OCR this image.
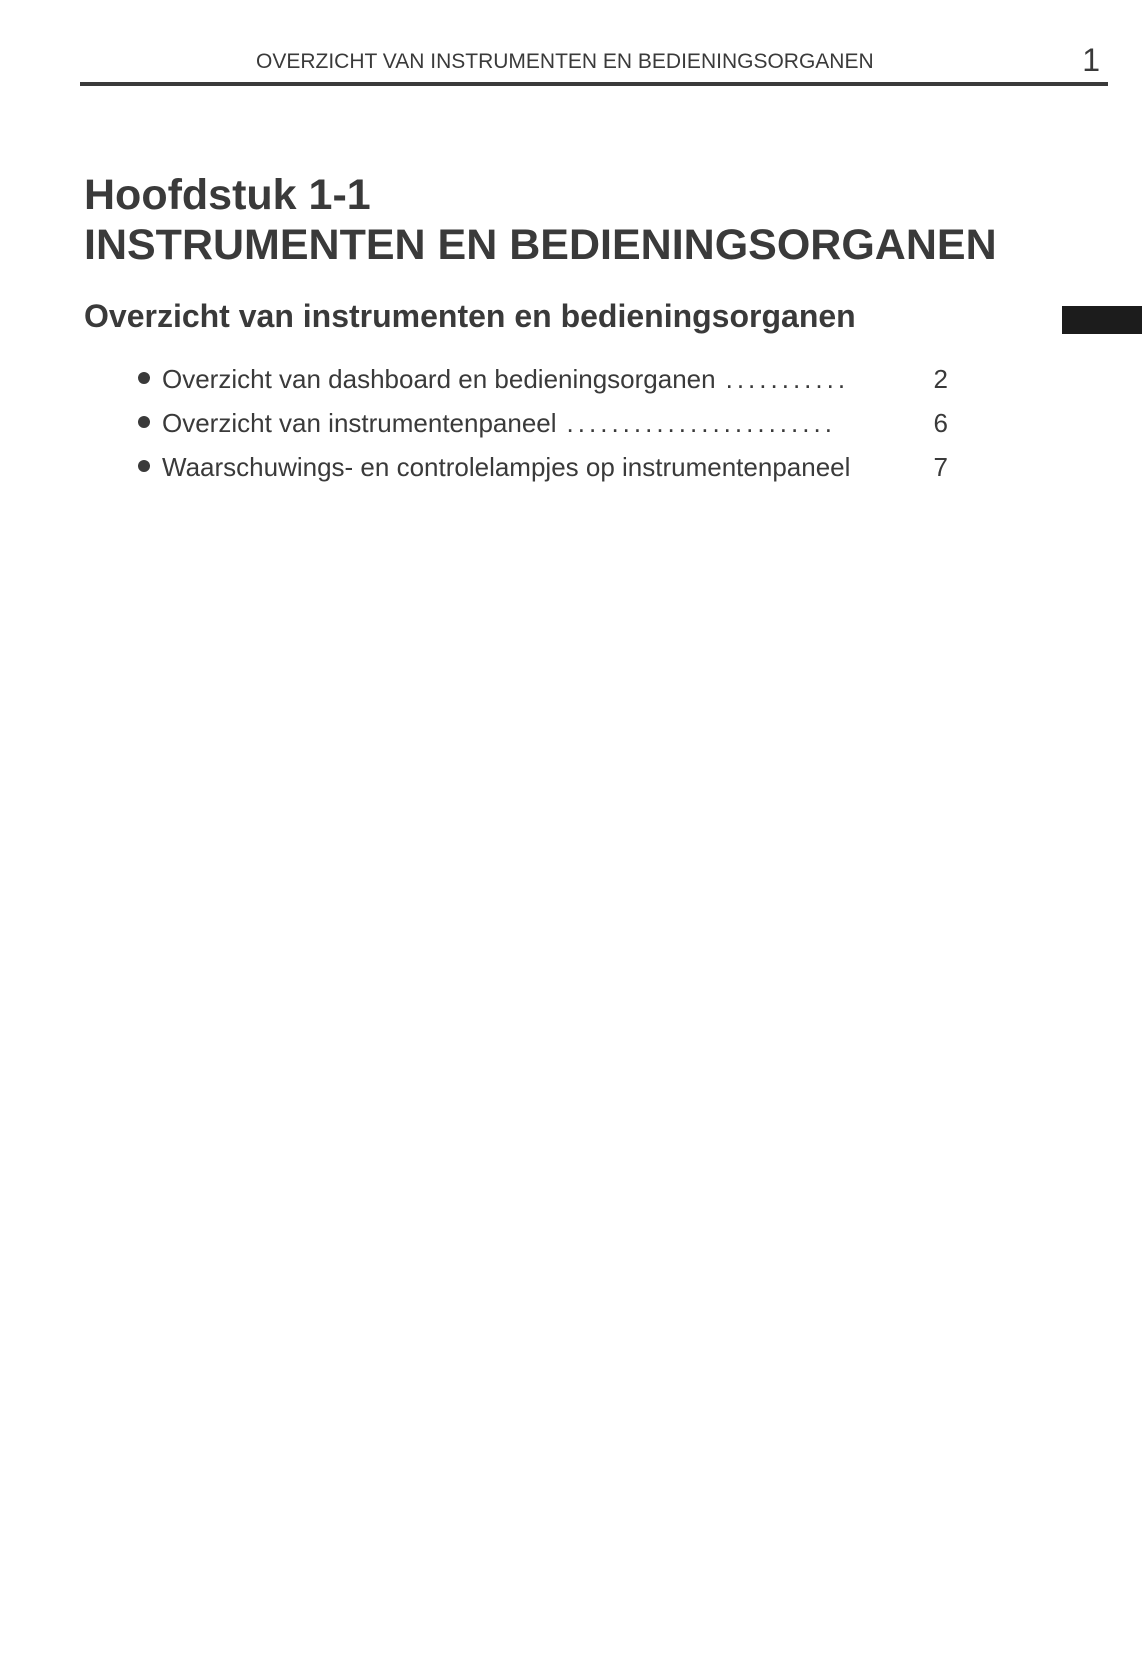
OVERZICHT VAN INSTRUMENTEN EN BEDIENINGSORGANEN	1
Hoofdstuk 1-1
INSTRUMENTEN EN BEDIENINGSORGANEN
Overzicht van instrumenten en bedieningsorganen
Overzicht van dashboard en bedieningsorganen ...........	2
Overzicht van instrumentenpaneel ........................	6
Waarschuwings- en controlelampjes op instrumentenpaneel	7
